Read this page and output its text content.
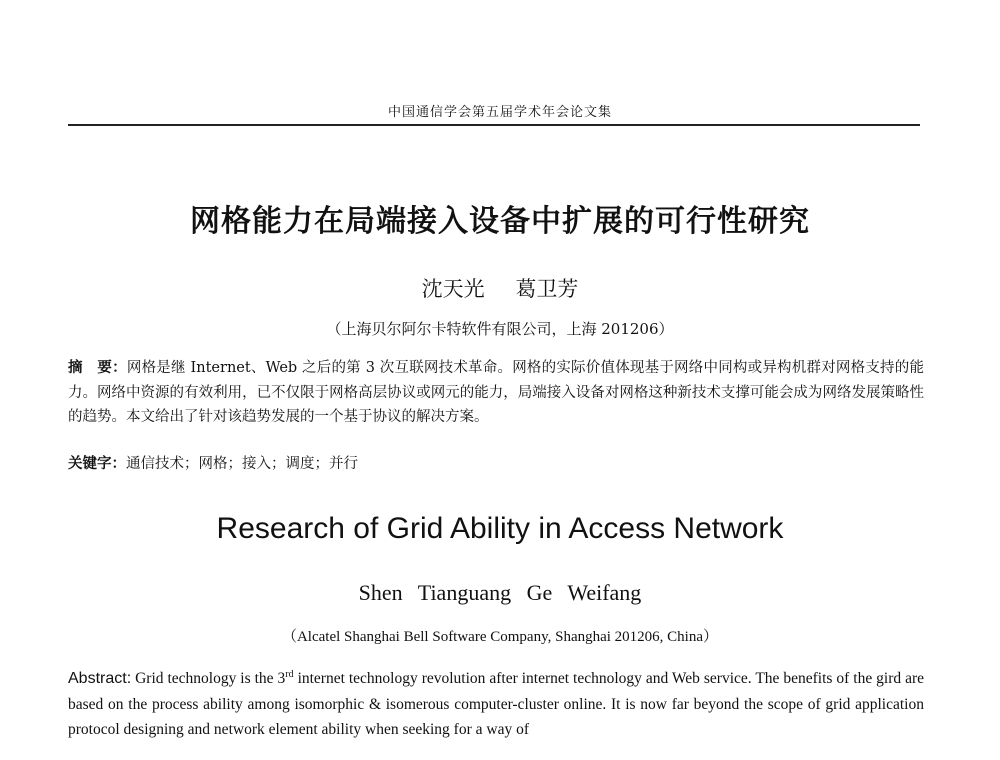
中国通信学会第五届学术年会论文集
网格能力在局端接入设备中扩展的可行性研究
沈天光 葛卫芳
（上海贝尔阿尔卡特软件有限公司，上海 201206）
摘　要：网格是继 Internet、Web 之后的第 3 次互联网技术革命。网格的实际价值体现基于网络中同构或异构机群对网格支持的能力。网络中资源的有效利用，已不仅限于网格高层协议或网元的能力，局端接入设备对网格这种新技术支撑可能会成为网络发展策略性的趋势。本文给出了针对该趋势发展的一个基于协议的解决方案。
关键字：通信技术；网格；接入；调度；并行
Research of Grid Ability in Access Network
Shen Tianguang Ge Weifang
（Alcatel Shanghai Bell Software Company, Shanghai 201206, China）
Abstract: Grid technology is the 3rd internet technology revolution after internet technology and Web service. The benefits of the gird are based on the process ability among isomorphic & isomerous computer-cluster online. It is now far beyond the scope of grid application protocol designing and network element ability when seeking for a way of
